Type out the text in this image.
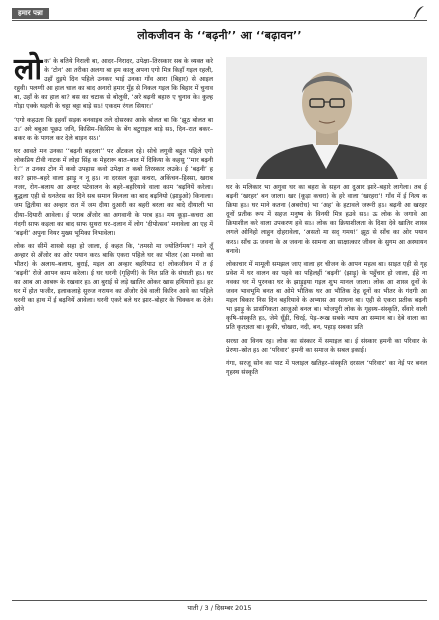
हमार पन्ना
लोकजीवन के ‘‘बढ़नी’’ आ ‘‘बढ़ावन’’

लोक’ के बतिये निराली बा, आदर–निरादर, उपेक्षा–तिरस्कार सब के व्यक्त करे के ‘टोन’ आ तरीका अलगा बा हम कालू अपना एगो मित्र किहाँ गइल रहली, उहाँ दुइये दिन पहिले उनकर भाई उनका गाँव आरा (बिहार) से आइल रहुवी। पलग्गी आ हाल चाल का बाद अनारो हमार मुँह से निकल गइल कि बिहार में चुनाव बा, उहाँ के का हाल बा? बस का चटाक से बोलुवी, ‘अरे बढ़नी बहारु ए चुनाव के। कुल्ह गोड़ा एक्के थइली के चट्टा बट्टा बाड़े सऽ! एकदम रंगल सियार।’

‘एगो कहउता कि इहवाँ सड़क बनवाइब तले दोसरका आके बोलत बा कि ‘झूठ बोलत बा उ।’ अरे बबुआ पूछउ जनि, किसिम–किसिम के बेंग बटुराइल बाड़े सऽ, दिन–रात बकर–बकर क के पागल कर देले बाड़न सऽ।’

घर आवते मन उनका ‘‘बढ़नी बहरला’’ पर अँटकल रहे। सोचे लगुवी बहुत पहिले एगो लोकप्रिय टीवी नाटक में लोहा सिंह क मेहरारू बात–बात में दिकिया के कहसु ‘‘मार बढ़नी रे।’’ त उनका टोन में कवो उपहास कवो उपेक्षा त कबो तिरस्कार लउके। ई ‘बढ़नी’ ह का? झारु–बहरे वाला झाड़ू न नू हऽ। ना दरसल कूड़ा कचरा, अकिंचन–हिस्सा, खराब नजर, रोग–बलाय आ अन्दर पटेवालन के बहरे–बहरियावे वाला काम ‘बढ़नियें करेला। बुद्धला एही से धनतेरस का दिने सब समान किनला का बाद बढ़नियो (झाड़ुओ) किनाला। जम द्वितीया का अन्हार रात में जम दीया दुआरी का बहरी बरला का बादे दीयाली भा दीया–दियारी आवेला। ई पराब अँजोर का अगवानी के परब हऽ। मय कूड़ा–कचरा आ गंदगी साफ कइला का बाद साफ सुथरा घर–दलान में लोग ‘दीपोत्सव’ मनावेला आ एह में ‘बढ़नी’ अपुना नियर मुख्य भूमिका निभावेला।

लोक का सीमें शास्त्रो सहा हो जाला, ई कहत कि, ‘तमसो मा ज्योतिर्गमय’! माने तूँ अन्हार से अँजोर का ओर पयान करऽ बाकि एकरा पहिले घर का भीतर (आ मनवो का भीतर) के अलाय–बलाय, बुराई, मइल आ अन्हार बहरियाउ द! लोकजीवन में त ई ‘बढ़नी’ रोजे आपन काम करेला। ई घर धरनी (गृहिणी) के नित प्रति के संघाती हऽ। घर का आब आ आबरू के रखवार हऽ आ बुराई से लड़े खातिर ओकर खास हथियारो हऽ। हर घर में होत फजीर, इलाकलाहे सुरुज नरायन का अँजोर देबे वाली किरिन आवे का पहिले घरनी का हाथ में ई बढ़नियें आवेला। घरनी एकरे बले घर झार–बोहार के चिक्कन क देले। ओने

घर के मलिकार भा अगुवा घर का बहरा के सहन आ दुआर झारे–बहारे लागेला। तब ई बढ़नी ‘खरहर’ बन जाला। खर (कूड़ा कचरा) के हरे वाला ‘खरहरा’! गाँव में ई नित्य क क्रिया हऽ। घर माने कतना (अबरोध) भा ‘अह’ के हटावले जरूरी हऽ। बढ़नी आ खरहर दूनों प्रतीक रूप में सहज मनुष्य के विनयी मित्र हउवे सऽ। ऊ लोक के जगावे आ क्रियाशील करे वाला उपकरण हवे सऽ। लोक का क्रियाशीलता के दिशा देवे खातिर शास्त्र लगले ओनिहो लाहुन दोहरावेला, ‘असतो मा सद् गमय!’ झूठ से साँच का ओर पयान करऽ। साँच ऊ जवना के अ जवना के सामना आ साक्षात्कार जीवन के सुगम आ अस्थायन बनावे।

लोकाचार में मामूली समझल जाए वाला हर चीजन के आपन महत्व बा। साइत एही से गृह प्रवेश में घर वालन का पहवे का पहिलहीं ‘बढ़नी’ (झाड़ू) के पहुँचार हो जाला, ईहे ना नवका घर में पुरनका घर के झाड़ुइया गइल शुभ मानल जाला। लोक आ शास्त्र दूनों के जवन भावभूमि बनत बा ओमे भौतिक घर आ भौतिक देह दूनों का भीतर के गंदगी आ मइल बिकार निस दिन बहरियावे के अभ्यास आ साधना बा। एही से एकरा प्रतीक बढ़नी भा झाड़ू के प्रासंगिकता आजुओ बनल बा। भोजपुरी लोक के गृहस्थ–संस्कृति, सँवारे वाली कृषि–संस्कृति हऽ, जेमे धूँड़ी, चिरई, पेड़–रूख सबके न्याय आ सम्मान बा। देबे वाला का प्रति कृतज्ञता बा। कूकी, चोखरा, नदी, बन, पहाड़ सबका प्रति

सरधा आ विनय रह। लोक का संस्कार में समाइल बा। ई संस्कार हमनी का परिवार के प्रेरणा–स्रोत हऽ आ ‘परिवार’ हमनी का समाज के सबल इकाई।

गंगा, सरजू सोन का पाट में पलाइल खतिहर–संस्कृति दरसल ‘परिवार’ का नेई पर बनल गृहस्थ संस्कृति

पाती / 3 / दिसम्बर 2015
